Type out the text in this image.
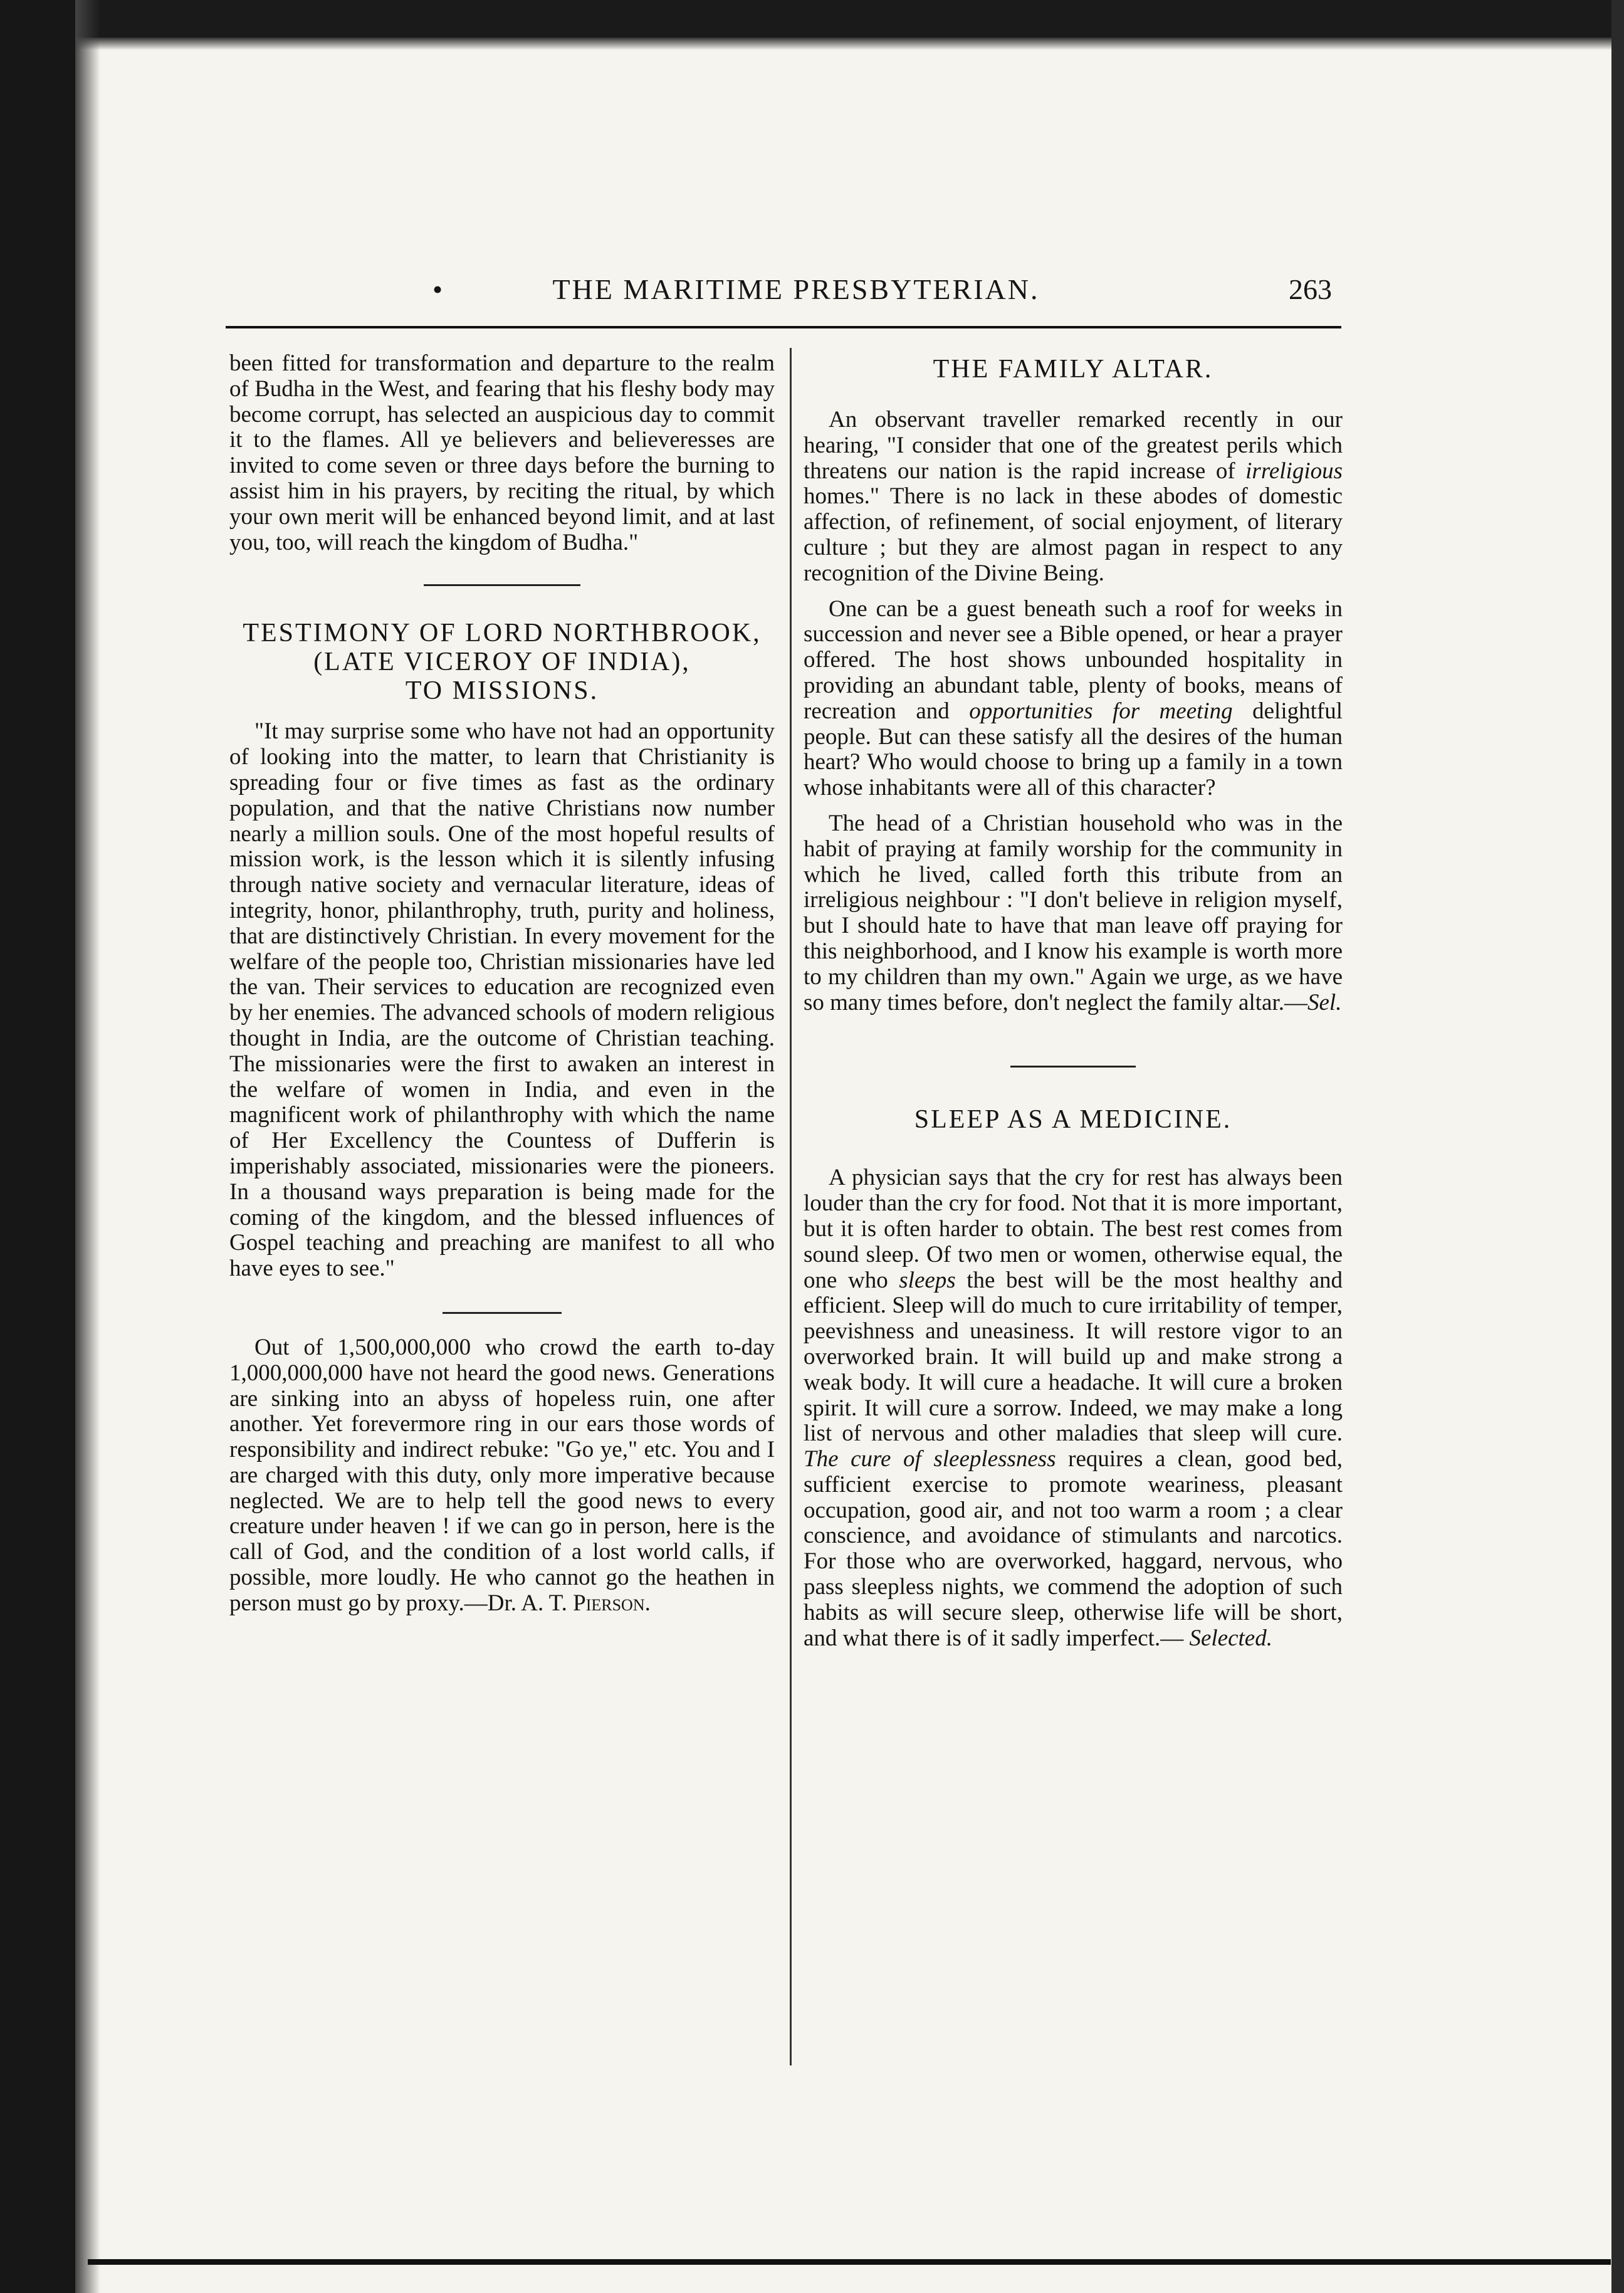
•	THE MARITIME PRESBYTERIAN.	263

been fitted for transformation and departure to the realm of Budha in the West, and fearing that his fleshy body may become corrupt, has selected an auspicious day to commit it to the flames. All ye believers and believeresses are invited to come seven or three days before the burning to assist him in his prayers, by reciting the ritual, by which your own merit will be enhanced beyond limit, and at last you, too, will reach the kingdom of Budha."

TESTIMONY OF LORD NORTHBROOK,

(LATE VICEROY OF INDIA),

TO MISSIONS.

"It may surprise some who have not had an opportunity of looking into the matter, to learn that Christianity is spreading four or five times as fast as the ordinary population, and that the native Christians now number nearly a million souls. One of the most hopeful results of mission work, is the lesson which it is silently infusing through native society and vernacular literature, ideas of integrity, honor, philanthrophy, truth, purity and holiness, that are distinctively Christian. In every movement for the welfare of the people too, Christian missionaries have led the van. Their services to education are recognized even by her enemies. The advanced schools of modern religious thought in India, are the outcome of Christian teaching. The missionaries were the first to awaken an interest in the welfare of women in India, and even in the magnificent work of philanthrophy with which the name of Her Excellency the Countess of Dufferin is imperishably associated, missionaries were the pioneers. In a thousand ways preparation is being made for the coming of the kingdom, and the blessed influences of Gospel teaching and preaching are manifest to all who have eyes to see."

Out of 1,500,000,000 who crowd the earth to-day 1,000,000,000 have not heard the good news. Generations are sinking into an abyss of hopeless ruin, one after another. Yet forevermore ring in our ears those words of responsibility and indirect rebuke: "Go ye," etc. You and I are charged with this duty, only more imperative because neglected. We are to help tell the good news to every creature under heaven ! if we can go in person, here is the call of God, and the condition of a lost world calls, if possible, more loudly. He who cannot go the heathen in person must go by proxy.—Dr. A. T. Pierson.

THE FAMILY ALTAR.

An observant traveller remarked recently in our hearing, "I consider that one of the greatest perils which threatens our nation is the rapid increase of irreligious homes." There is no lack in these abodes of domestic affection, of refinement, of social enjoyment, of literary culture ; but they are almost pagan in respect to any recognition of the Divine Being.

One can be a guest beneath such a roof for weeks in succession and never see a Bible opened, or hear a prayer offered. The host shows unbounded hospitality in providing an abundant table, plenty of books, means of recreation and opportunities for meeting delightful people. But can these satisfy all the desires of the human heart? Who would choose to bring up a family in a town whose inhabitants were all of this character?

The head of a Christian household who was in the habit of praying at family worship for the community in which he lived, called forth this tribute from an irreligious neighbour : "I don't believe in religion myself, but I should hate to have that man leave off praying for this neighborhood, and I know his example is worth more to my children than my own." Again we urge, as we have so many times before, don't neglect the family altar.—Sel.

SLEEP AS A MEDICINE.

A physician says that the cry for rest has always been louder than the cry for food. Not that it is more important, but it is often harder to obtain. The best rest comes from sound sleep. Of two men or women, otherwise equal, the one who sleeps the best will be the most healthy and efficient. Sleep will do much to cure irritability of temper, peevishness and uneasiness. It will restore vigor to an overworked brain. It will build up and make strong a weak body. It will cure a headache. It will cure a broken spirit. It will cure a sorrow. Indeed, we may make a long list of nervous and other maladies that sleep will cure. The cure of sleeplessness requires a clean, good bed, sufficient exercise to promote weariness, pleasant occupation, good air, and not too warm a room ; a clear conscience, and avoidance of stimulants and narcotics. For those who are overworked, haggard, nervous, who pass sleepless nights, we commend the adoption of such habits as will secure sleep, otherwise life will be short, and what there is of it sadly imperfect.— Selected.
